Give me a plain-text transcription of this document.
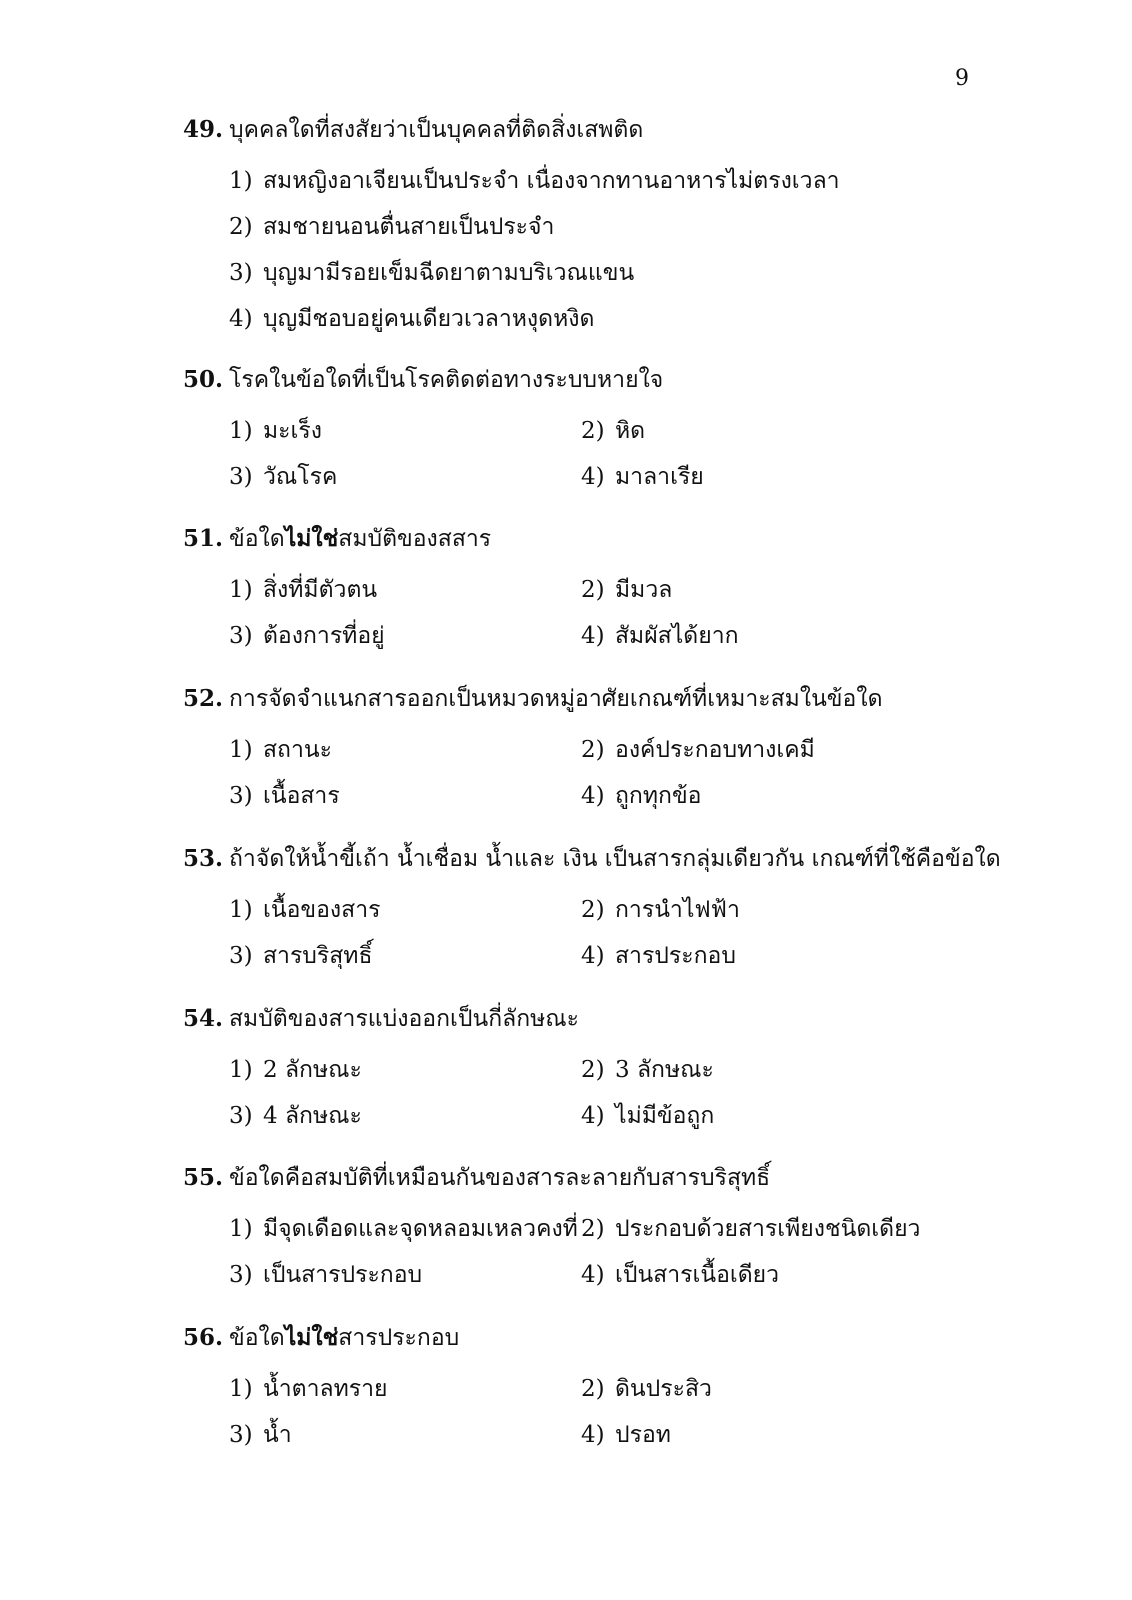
9
49. บุคคลใดที่สงสัยว่าเป็นบุคคลที่ติดสิ่งเสพติด
1) สมหญิงอาเจียนเป็นประจำ เนื่องจากทานอาหารไม่ตรงเวลา
2) สมชายนอนตื่นสายเป็นประจำ
3) บุญมามีรอยเข็มฉีดยาตามบริเวณแขน
4) บุญมีชอบอยู่คนเดียวเวลาหงุดหงิด
50. โรคในข้อใดที่เป็นโรคติดต่อทางระบบหายใจ
1) มะเร็ง	2) หิด
3) วัณโรค	4) มาลาเรีย
51. ข้อใดไม่ใช่สมบัติของสสาร
1) สิ่งที่มีตัวตน	2) มีมวล
3) ต้องการที่อยู่	4) สัมผัสได้ยาก
52. การจัดจำแนกสารออกเป็นหมวดหมู่อาศัยเกณฑ์ที่เหมาะสมในข้อใด
1) สถานะ	2) องค์ประกอบทางเคมี
3) เนื้อสาร	4) ถูกทุกข้อ
53. ถ้าจัดให้น้ำขี้เถ้า น้ำเชื่อม น้ำและ เงิน เป็นสารกลุ่มเดียวกัน เกณฑ์ที่ใช้คือข้อใด
1) เนื้อของสาร	2) การนำไฟฟ้า
3) สารบริสุทธิ์	4) สารประกอบ
54. สมบัติของสารแบ่งออกเป็นกี่ลักษณะ
1) 2 ลักษณะ	2) 3 ลักษณะ
3) 4 ลักษณะ	4) ไม่มีข้อถูก
55. ข้อใดคือสมบัติที่เหมือนกันของสารละลายกับสารบริสุทธิ์
1) มีจุดเดือดและจุดหลอมเหลวคงที่ 2) ประกอบด้วยสารเพียงชนิดเดียว
3) เป็นสารประกอบ	4) เป็นสารเนื้อเดียว
56. ข้อใดไม่ใช่สารประกอบ
1) น้ำตาลทราย	2) ดินประสิว
3) น้ำ	4) ปรอท
